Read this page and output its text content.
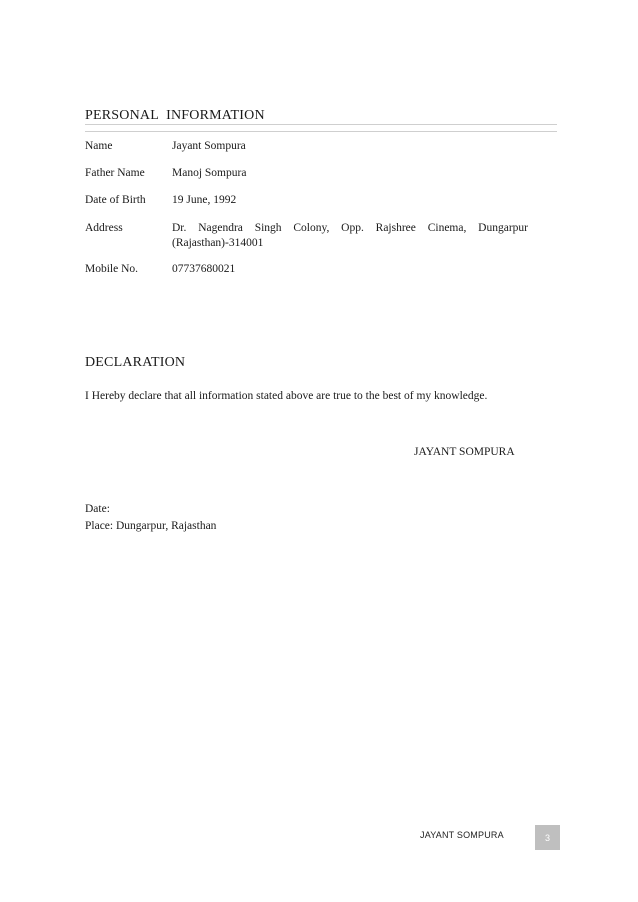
PERSONAL INFORMATION
Name	Jayant Sompura
Father Name	Manoj Sompura
Date of Birth	19 June, 1992
Address	Dr. Nagendra Singh Colony, Opp. Rajshree Cinema, Dungarpur (Rajasthan)-314001
Mobile No.	07737680021
DECLARATION
I Hereby declare that all information stated above are true to the best of my knowledge.
JAYANT SOMPURA
Date:
Place: Dungarpur, Rajasthan
JAYANT SOMPURA	3
